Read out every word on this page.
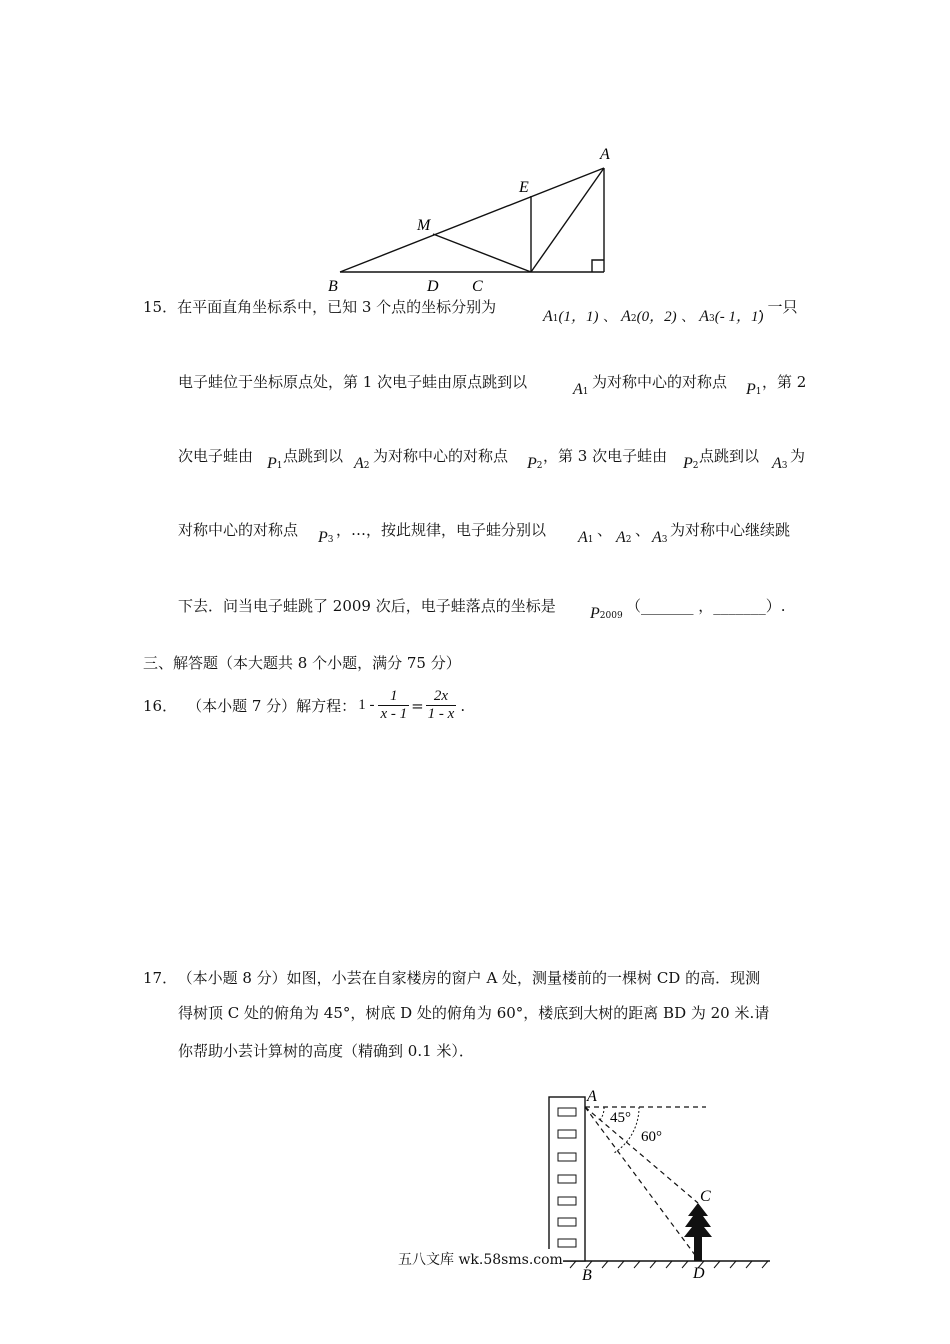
A
E
M
B	D C
15．在平面直角坐标系中，已知 3 个点的坐标分别为
A1(1，1) 、 A2(0，2) 、 A3(- 1，1)
. 一只
电子蛙位于坐标原点处，第 1 次电子蛙由原点跳到以	A1
为对称中心的对称点 P1
，第 2
次电子蛙由 P1
点跳到以 A2
为对称中心的对称点 P2
，第 3 次电子蛙由 P2
点跳到以 A3
为
对称中心的对称点 P3
，…，按此规律，电子蛙分别以 A1
、 A2
、 A3
为对称中心继续跳
下去．问当电子蛙跳了 2009 次后，电子蛙落点的坐标是 P2009
（_______ ，_______）.
三、解答题（本大题共 8 个小题，满分 75 分）
16． （本小题 7 分）解方程： $1 - \frac{1}{x - 1} = \frac{2x}{1 - x}$ .
17． （本小题 8 分）如图，小芸在自家楼房的窗户 A 处，测量楼前的一棵树 CD 的高．现测
得树顶 C 处的俯角为 45°，树底 D 处的俯角为 60°，楼底到大树的距离 BD 为 20 米.请
你帮助小芸计算树的高度（精确到 0.1 米）．
A
45°
60°
C
B	D
五八文库 wk.58sms.com
